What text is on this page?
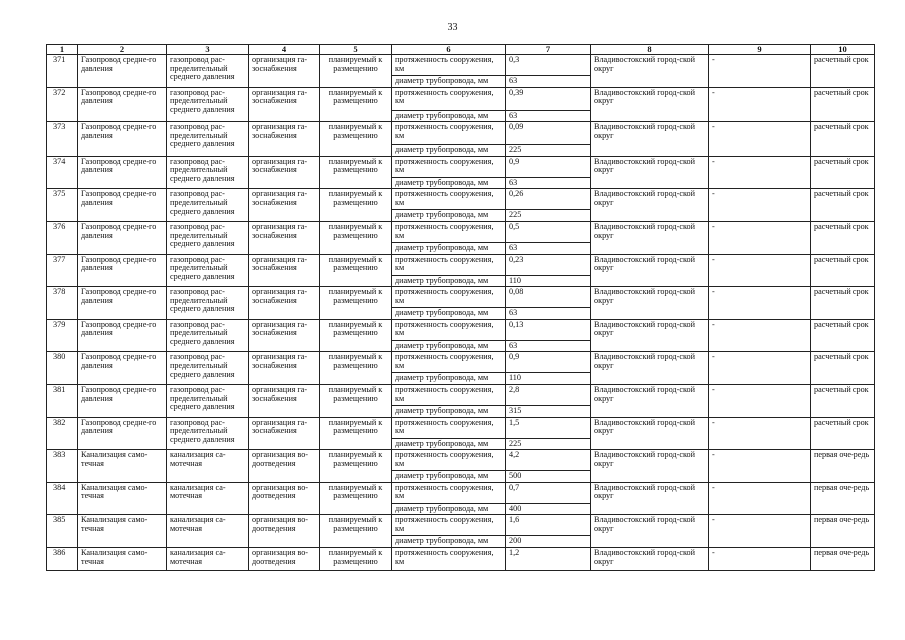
33
1	2	3	4	5	6	7	8	9	10
371	Газопровод средне-го давления	газопровод рас-пределительный среднего давления	организация га-зоснабжения	планируемый к размещению	протяженность сооружения, км	0,3	Владивостокский город-ской округ	-	расчетный срок
					диаметр трубопровода, мм	63			
372	Газопровод средне-го давления	газопровод рас-пределительный среднего давления	организация га-зоснабжения	планируемый к размещению	протяженность сооружения, км	0,39	Владивостокский город-ской округ	-	расчетный срок
					диаметр трубопровода, мм	63			
373	Газопровод средне-го давления	газопровод рас-пределительный среднего давления	организация га-зоснабжения	планируемый к размещению	протяженность сооружения, км	0,09	Владивостокский город-ской округ	-	расчетный срок
					диаметр трубопровода, мм	225			
374	Газопровод средне-го давления	газопровод рас-пределительный среднего давления	организация га-зоснабжения	планируемый к размещению	протяженность сооружения, км	0,9	Владивостокский город-ской округ	-	расчетный срок
					диаметр трубопровода, мм	63			
375	Газопровод средне-го давления	газопровод рас-пределительный среднего давления	организация га-зоснабжения	планируемый к размещению	протяженность сооружения, км	0,26	Владивостокский город-ской округ	-	расчетный срок
					диаметр трубопровода, мм	225			
376	Газопровод средне-го давления	газопровод рас-пределительный среднего давления	организация га-зоснабжения	планируемый к размещению	протяженность сооружения, км	0,5	Владивостокский город-ской округ	-	расчетный срок
					диаметр трубопровода, мм	63			
377	Газопровод средне-го давления	газопровод рас-пределительный среднего давления	организация га-зоснабжения	планируемый к размещению	протяженность сооружения, км	0,23	Владивостокский город-ской округ	-	расчетный срок
					диаметр трубопровода, мм	110			
378	Газопровод средне-го давления	газопровод рас-пределительный среднего давления	организация га-зоснабжения	планируемый к размещению	протяженность сооружения, км	0,08	Владивостокский город-ской округ	-	расчетный срок
					диаметр трубопровода, мм	63			
379	Газопровод средне-го давления	газопровод рас-пределительный среднего давления	организация га-зоснабжения	планируемый к размещению	протяженность сооружения, км	0,13	Владивостокский город-ской округ	-	расчетный срок
					диаметр трубопровода, мм	63			
380	Газопровод средне-го давления	газопровод рас-пределительный среднего давления	организация га-зоснабжения	планируемый к размещению	протяженность сооружения, км	0,9	Владивостокский город-ской округ	-	расчетный срок
					диаметр трубопровода, мм	110			
381	Газопровод средне-го давления	газопровод рас-пределительный среднего давления	организация га-зоснабжения	планируемый к размещению	протяженность сооружения, км	2,8	Владивостокский город-ской округ	-	расчетный срок
					диаметр трубопровода, мм	315			
382	Газопровод средне-го давления	газопровод рас-пределительный среднего давления	организация га-зоснабжения	планируемый к размещению	протяженность сооружения, км	1,5	Владивостокский город-ской округ	-	расчетный срок
					диаметр трубопровода, мм	225			
383	Канализация само-течная	канализация са-мотечная	организация во-доотведения	планируемый к размещению	протяженность сооружения, км	4,2	Владивостокский город-ской округ	-	первая оче-редь
					диаметр трубопровода, мм	500			
384	Канализация само-течная	канализация са-мотечная	организация во-доотведения	планируемый к размещению	протяженность сооружения, км	0,7	Владивостокский город-ской округ	-	первая оче-редь
					диаметр трубопровода, мм	400			
385	Канализация само-течная	канализация са-мотечная	организация во-доотведения	планируемый к размещению	протяженность сооружения, км	1,6	Владивостокский город-ской округ	-	первая оче-редь
					диаметр трубопровода, мм	200			
386	Канализация само-течная	канализация са-мотечная	организация во-доотведения	планируемый к размещению	протяженность сооружения, км	1,2	Владивостокский город-ской округ	-	первая оче-редь
